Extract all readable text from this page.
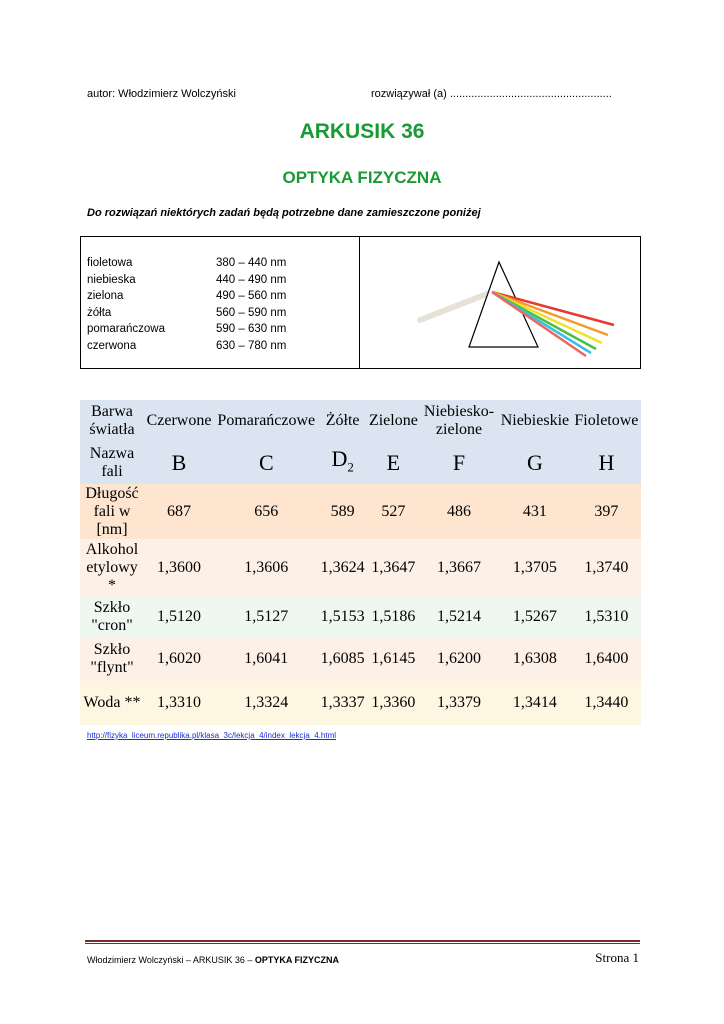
autor: Włodzimierz Wolczyński	rozwiązywał (a) .....................................................
ARKUSIK 36
OPTYKA FIZYCZNA
Do rozwiązań niektórych zadań będą potrzebne dane zamieszczone poniżej
fioletowa	380 – 440 nm
niebieska	440 – 490 nm
zielona	490 – 560 nm
żółta	560 – 590 nm
pomarańczowa	590 – 630 nm
czerwona	630 – 780 nm
Barwa światła	Czerwone	Pomarańczowe	Żółte	Zielone	Niebiesko-zielone	Niebieskie	Fioletowe
Nazwa fali	B	C	$D_2$	E	F	G	H
Długość fali w [nm]	687	656	589	527	486	431	397
Alkohol etylowy *	1,3600	1,3606	1,3624	1,3647	1,3667	1,3705	1,3740
Szkło "cron"	1,5120	1,5127	1,5153	1,5186	1,5214	1,5267	1,5310
Szkło "flynt"	1,6020	1,6041	1,6085	1,6145	1,6200	1,6308	1,6400
Woda **	1,3310	1,3324	1,3337	1,3360	1,3379	1,3414	1,3440
http://fizyka_liceum.republika.pl/klasa_3c/lekcja_4/index_lekcja_4.html
Włodzimierz Wolczyński – ARKUSIK 36 – OPTYKA FIZYCZNA	Strona 1
